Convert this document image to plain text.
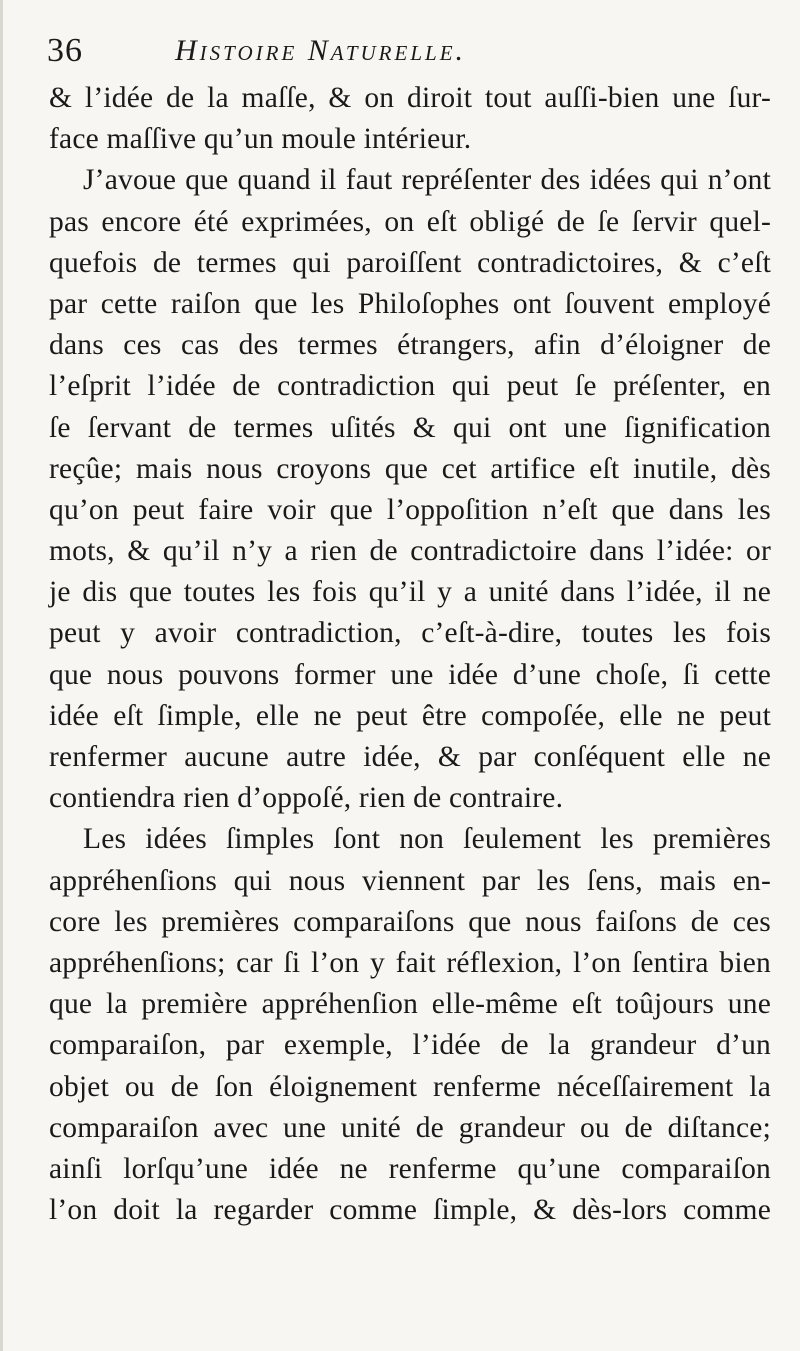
36	Histoire Naturelle.
& l’idée de la maſſe, & on diroit tout auſſi-bien une ſur-
face maſſive qu’un moule intérieur.
J’avoue que quand il faut repréſenter des idées qui n’ont
pas encore été exprimées, on eſt obligé de ſe ſervir quel-
quefois de termes qui paroiſſent contradictoires, & c’eſt
par cette raiſon que les Philoſophes ont ſouvent employé
dans ces cas des termes étrangers, afin d’éloigner de
l’eſprit l’idée de contradiction qui peut ſe préſenter, en
ſe ſervant de termes uſités & qui ont une ſignification
reçûe; mais nous croyons que cet artifice eſt inutile, dès
qu’on peut faire voir que l’oppoſition n’eſt que dans les
mots, & qu’il n’y a rien de contradictoire dans l’idée: or
je dis que toutes les fois qu’il y a unité dans l’idée, il ne
peut y avoir contradiction, c’eſt-à-dire, toutes les fois
que nous pouvons former une idée d’une choſe, ſi cette
idée eſt ſimple, elle ne peut être compoſée, elle ne peut
renfermer aucune autre idée, & par conſéquent elle ne
contiendra rien d’oppoſé, rien de contraire.
Les idées ſimples ſont non ſeulement les premières
appréhenſions qui nous viennent par les ſens, mais en-
core les premières comparaiſons que nous faiſons de ces
appréhenſions; car ſi l’on y fait réflexion, l’on ſentira bien
que la première appréhenſion elle-même eſt toûjours une
comparaiſon, par exemple, l’idée de la grandeur d’un
objet ou de ſon éloignement renferme néceſſairement la
comparaiſon avec une unité de grandeur ou de diſtance;
ainſi lorſqu’une idée ne renferme qu’une comparaiſon
l’on doit la regarder comme ſimple, & dès-lors comme
